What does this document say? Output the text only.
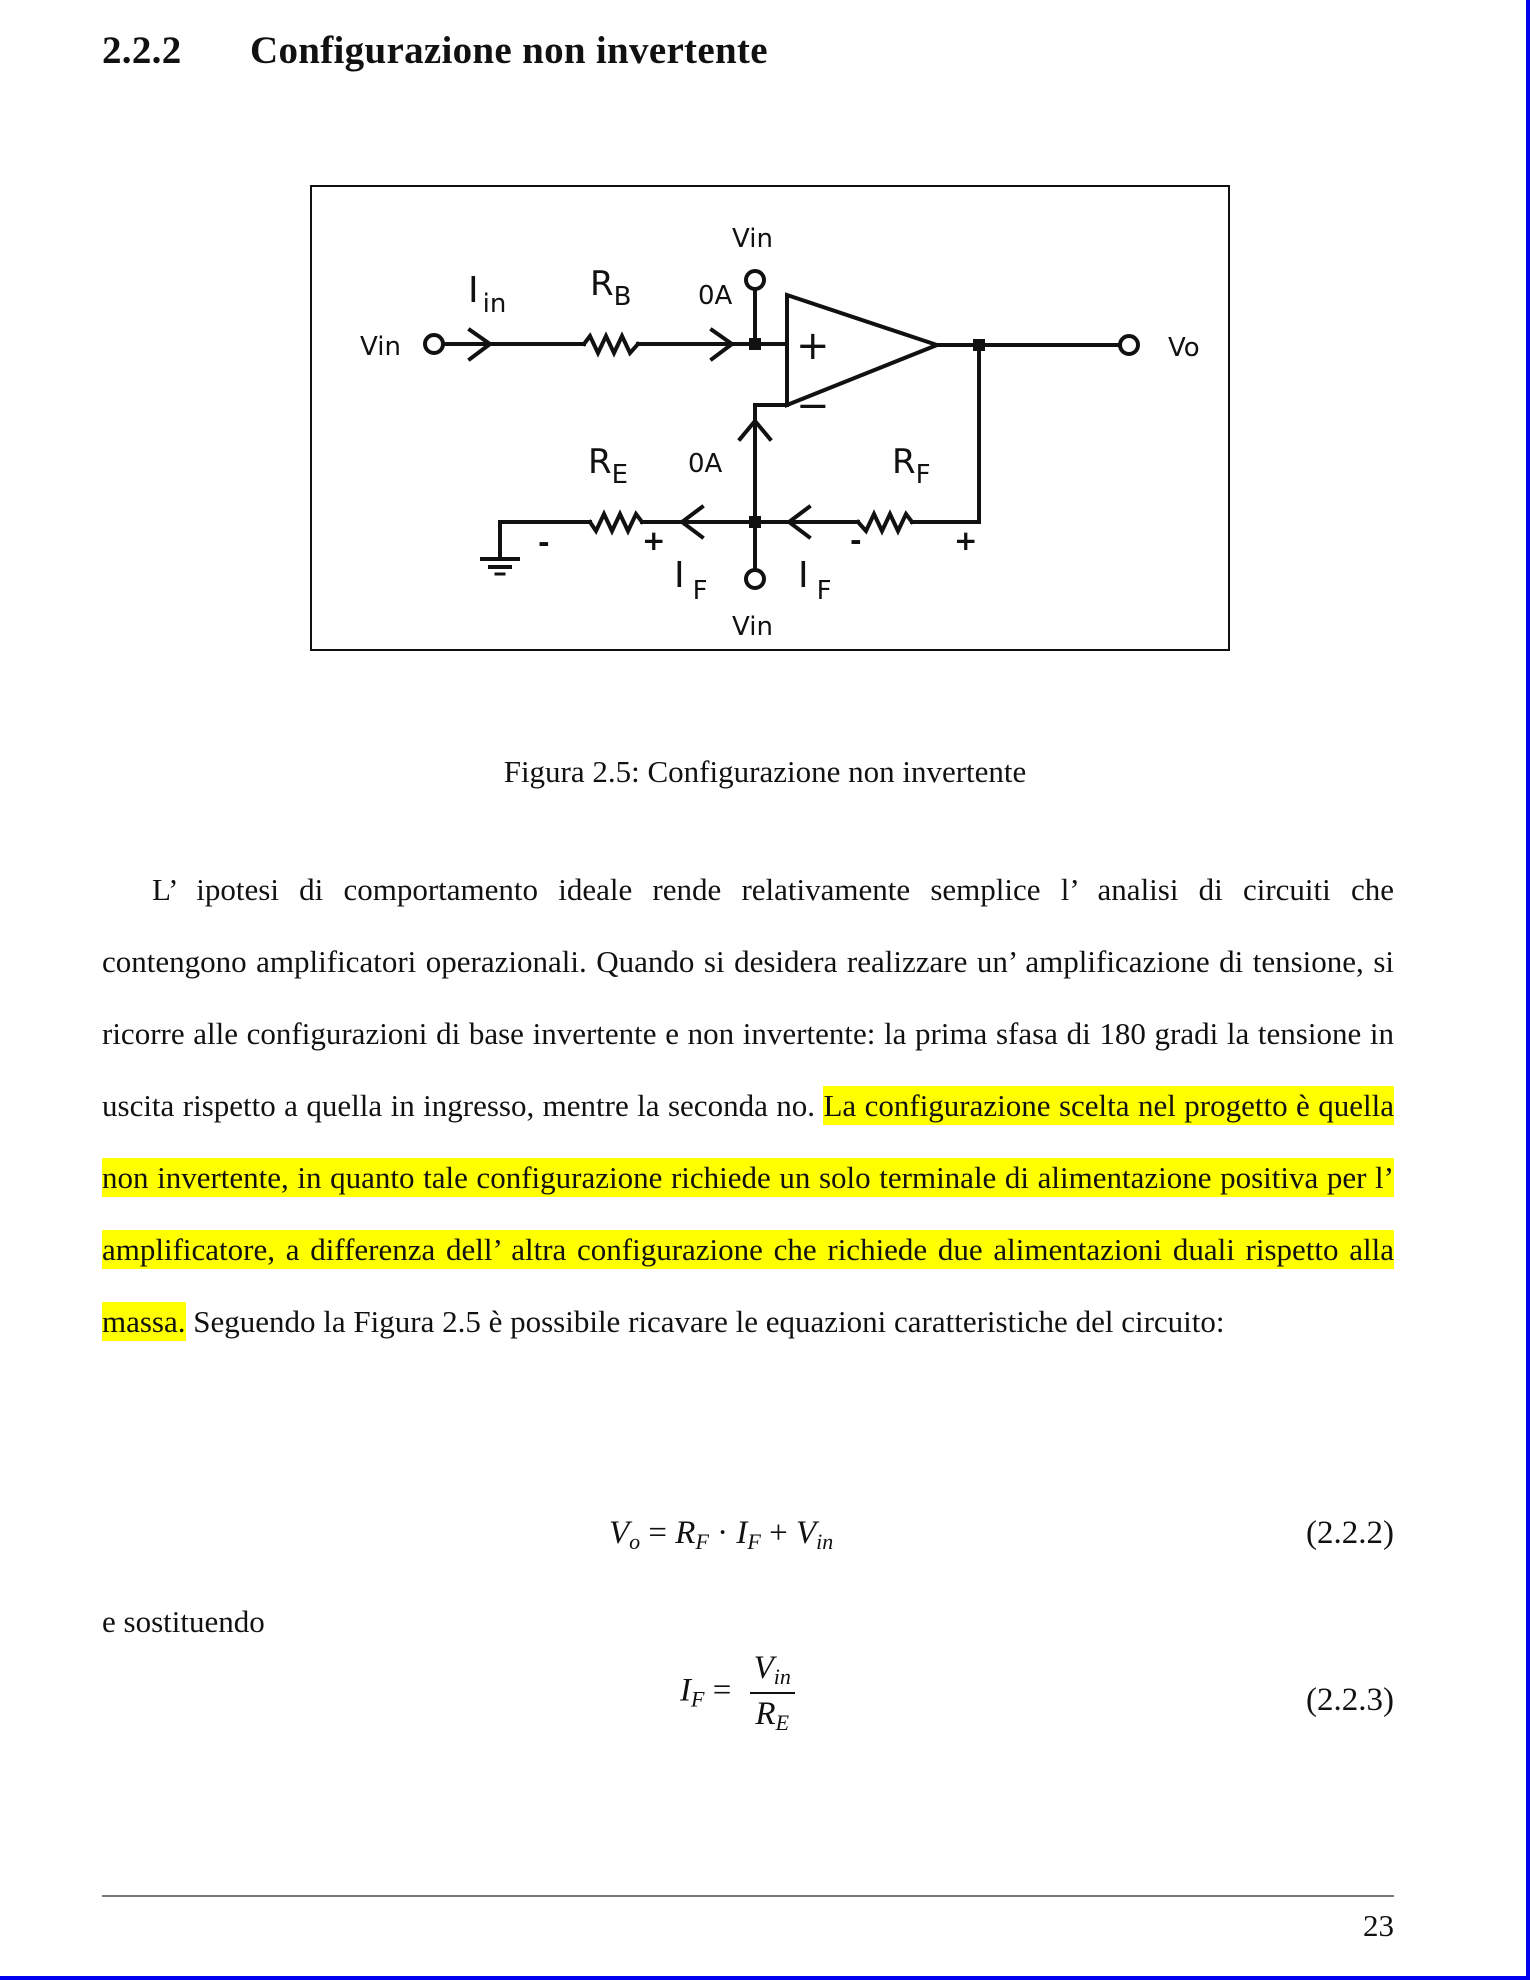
2.2.2 Configurazione non invertente
Vin
Vin
Vin
Vo
I $_{in}$ $R_B$	0A
+
−
$R_E$ 0A	$R_F$
-	+	-	+
I $_F$	I $_F$
Figura 2.5: Configurazione non invertente

L’ ipotesi di comportamento ideale rende relativamente semplice l’ analisi di circuiti che contengono amplificatori operazionali. Quando si desidera realizzare un’ amplificazione di tensione, si ricorre alle configurazioni di base invertente e non invertente: la prima sfasa di 180 gradi la tensione in uscita rispetto a quella in ingresso, mentre la seconda no. La configurazione scelta nel progetto è quella non invertente, in quanto tale configurazione richiede un solo terminale di alimentazione positiva per l’ amplificatore, a differenza dell’ altra configurazione che richiede due alimentazioni duali rispetto alla massa. Seguendo la Figura 2.5 è possibile ricavare le equazioni caratteristiche del circuito:

$V_o = R_F \cdot I_F + V_{in}$	(2.2.2)
e sostituendo
$I_F = \frac{V_{in}}{R_E}$	(2.2.3)
23
